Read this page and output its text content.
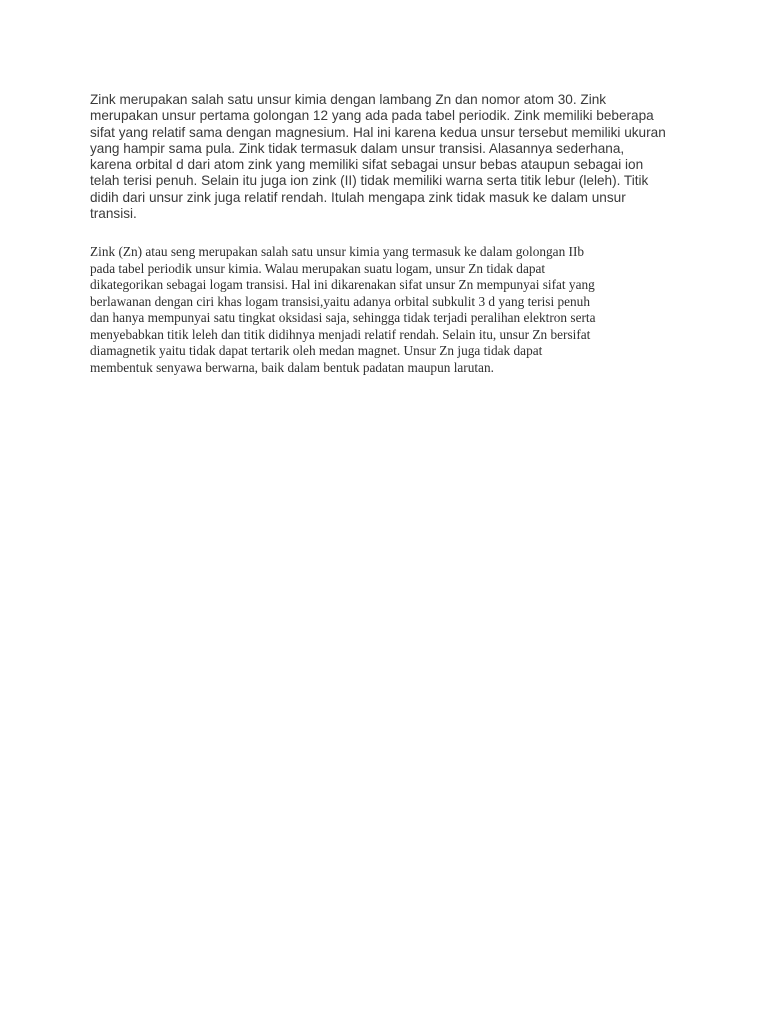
Zink merupakan salah satu unsur kimia dengan lambang Zn dan nomor atom 30. Zink
merupakan unsur pertama golongan 12 yang ada pada tabel periodik. Zink memiliki beberapa
sifat yang relatif sama dengan magnesium. Hal ini karena kedua unsur tersebut memiliki ukuran
yang hampir sama pula. Zink tidak termasuk dalam unsur transisi. Alasannya sederhana,
karena orbital d dari atom zink yang memiliki sifat sebagai unsur bebas ataupun sebagai ion
telah terisi penuh. Selain itu juga ion zink (II) tidak memiliki warna serta titik lebur (leleh). Titik
didih dari unsur zink juga relatif rendah. Itulah mengapa zink tidak masuk ke dalam unsur
transisi.

Zink (Zn) atau seng merupakan salah satu unsur kimia yang termasuk ke dalam golongan IIb
pada tabel periodik unsur kimia. Walau merupakan suatu logam, unsur Zn tidak dapat
dikategorikan sebagai logam transisi. Hal ini dikarenakan sifat unsur Zn mempunyai sifat yang
berlawanan dengan ciri khas logam transisi,yaitu adanya orbital subkulit 3 d yang terisi penuh
dan hanya mempunyai satu tingkat oksidasi saja, sehingga tidak terjadi peralihan elektron serta
menyebabkan titik leleh dan titik didihnya menjadi relatif rendah. Selain itu, unsur Zn bersifat
diamagnetik yaitu tidak dapat tertarik oleh medan magnet. Unsur Zn juga tidak dapat
membentuk senyawa berwarna, baik dalam bentuk padatan maupun larutan.
